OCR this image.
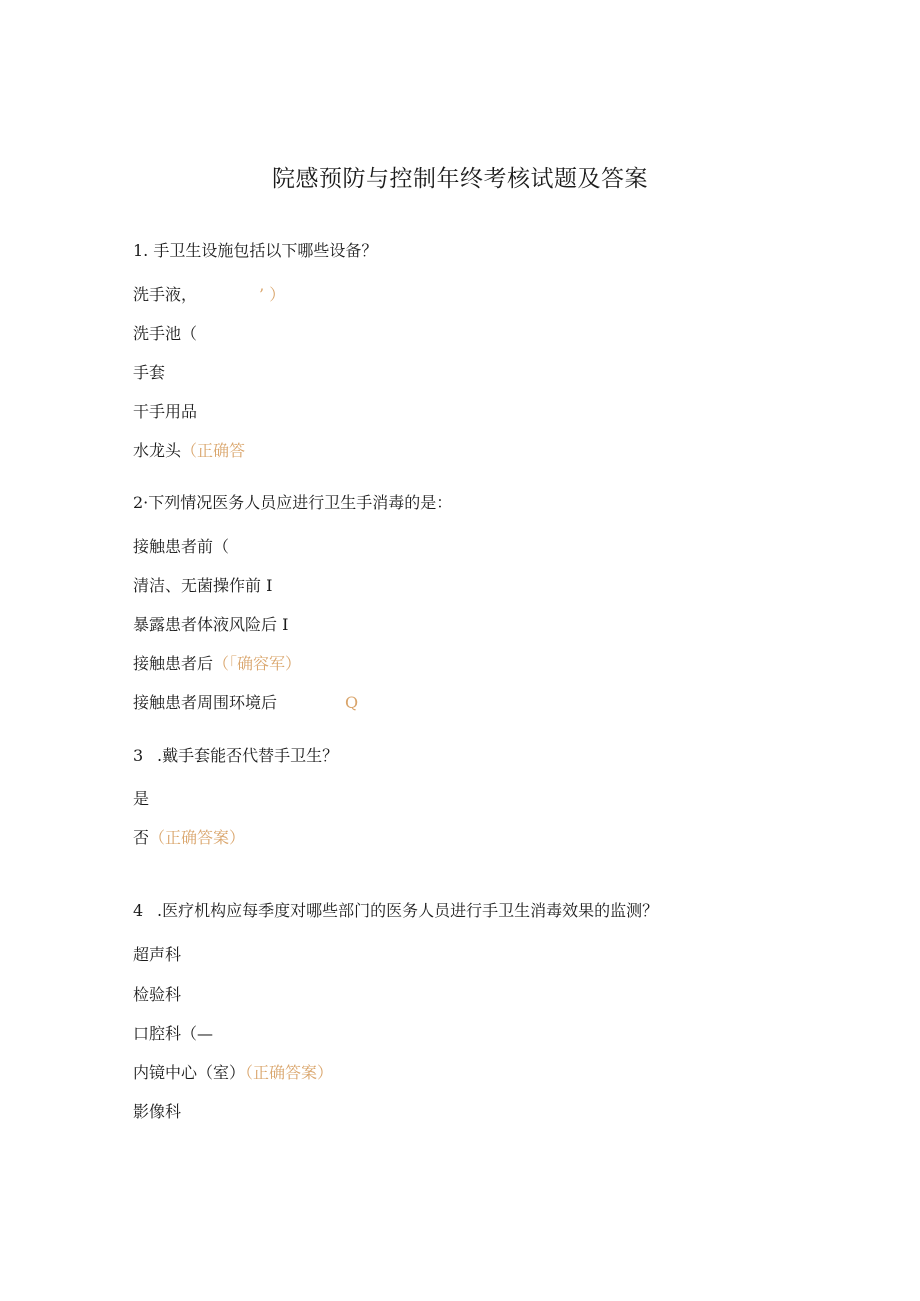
院感预防与控制年终考核试题及答案
1. 手卫生设施包括以下哪些设备？
洗手液，	’ ）
洗手池（
手套
干手用品
水龙头（正确答
2·下列情况医务人员应进行卫生手消毒的是：
接触患者前（
清洁、无菌操作前 I
暴露患者体液风险后 I
接触患者后（「确容军）
接触患者周围环境后	Q
3 .戴手套能否代替手卫生？
是
否（正确答案）
4 .医疗机构应每季度对哪些部门的医务人员进行手卫生消毒效果的监测？
超声科
检验科
口腔科（—
内镜中心（室）（正确答案）
影像科
